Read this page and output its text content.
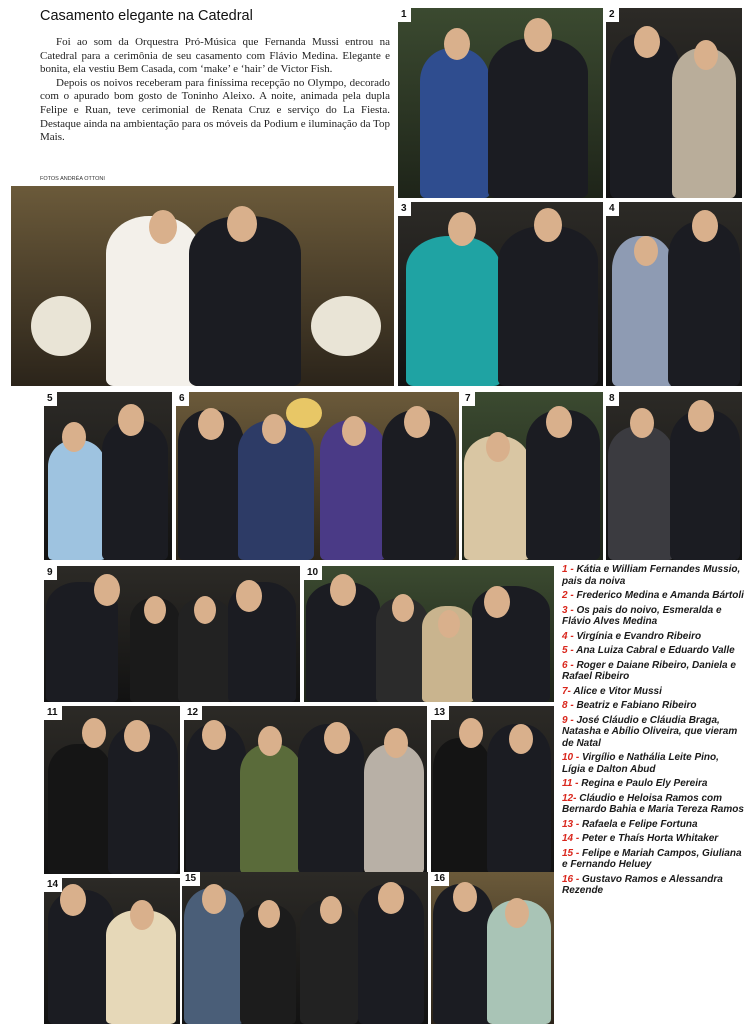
Casamento elegante na Catedral

Foi ao som da Orquestra Pró-Música que Fernanda Mussi entrou na Catedral para a cerimônia de seu casamento com Flávio Medina. Elegante e bonita, ela vestiu Bem Casada, com ‘make’ e ‘hair’ de Victor Fish.

Depois os noivos receberam para finíssima recepção no Olympo, decorado com o apurado bom gosto de Toninho Aleixo. A noite, animada pela dupla Felipe e Ruan, teve cerimonial de Renata Cruz e serviço do La Fiesta. Destaque ainda na ambientação para os móveis da Podium e iluminação da Top Mais.

FOTOS ANDRÉA OTTONI
1	2
3	4
5	6	7	8
9	10
11	12	13
14
15	16

1 - Kátia e William Fernandes Mussio, pais da noiva

2 - Frederico Medina e Amanda Bártoli

3 - Os pais do noivo, Esmeralda e Flávio Alves Medina

4 - Virgínia e Evandro Ribeiro

5 - Ana Luiza Cabral e Eduardo Valle

6 - Roger e Daiane Ribeiro, Daniela e Rafael Ribeiro

7- Alice e Vitor Mussi

8 - Beatriz e Fabiano Ribeiro

9 - José Cláudio e Cláudia Braga, Natasha e Abílio Oliveira, que vieram de Natal

10 - Virgílio e Nathália Leite Pino, Lígia e Dalton Abud

11 - Regina e Paulo Ely Pereira

12- Cláudio e Heloisa Ramos com Bernardo Bahia e Maria Tereza Ramos

13 - Rafaela e Felipe Fortuna

14 - Peter e Thaís Horta Whitaker

15 - Felipe e Mariah Campos, Giuliana e Fernando Heluey

16 - Gustavo Ramos e Alessandra Rezende
